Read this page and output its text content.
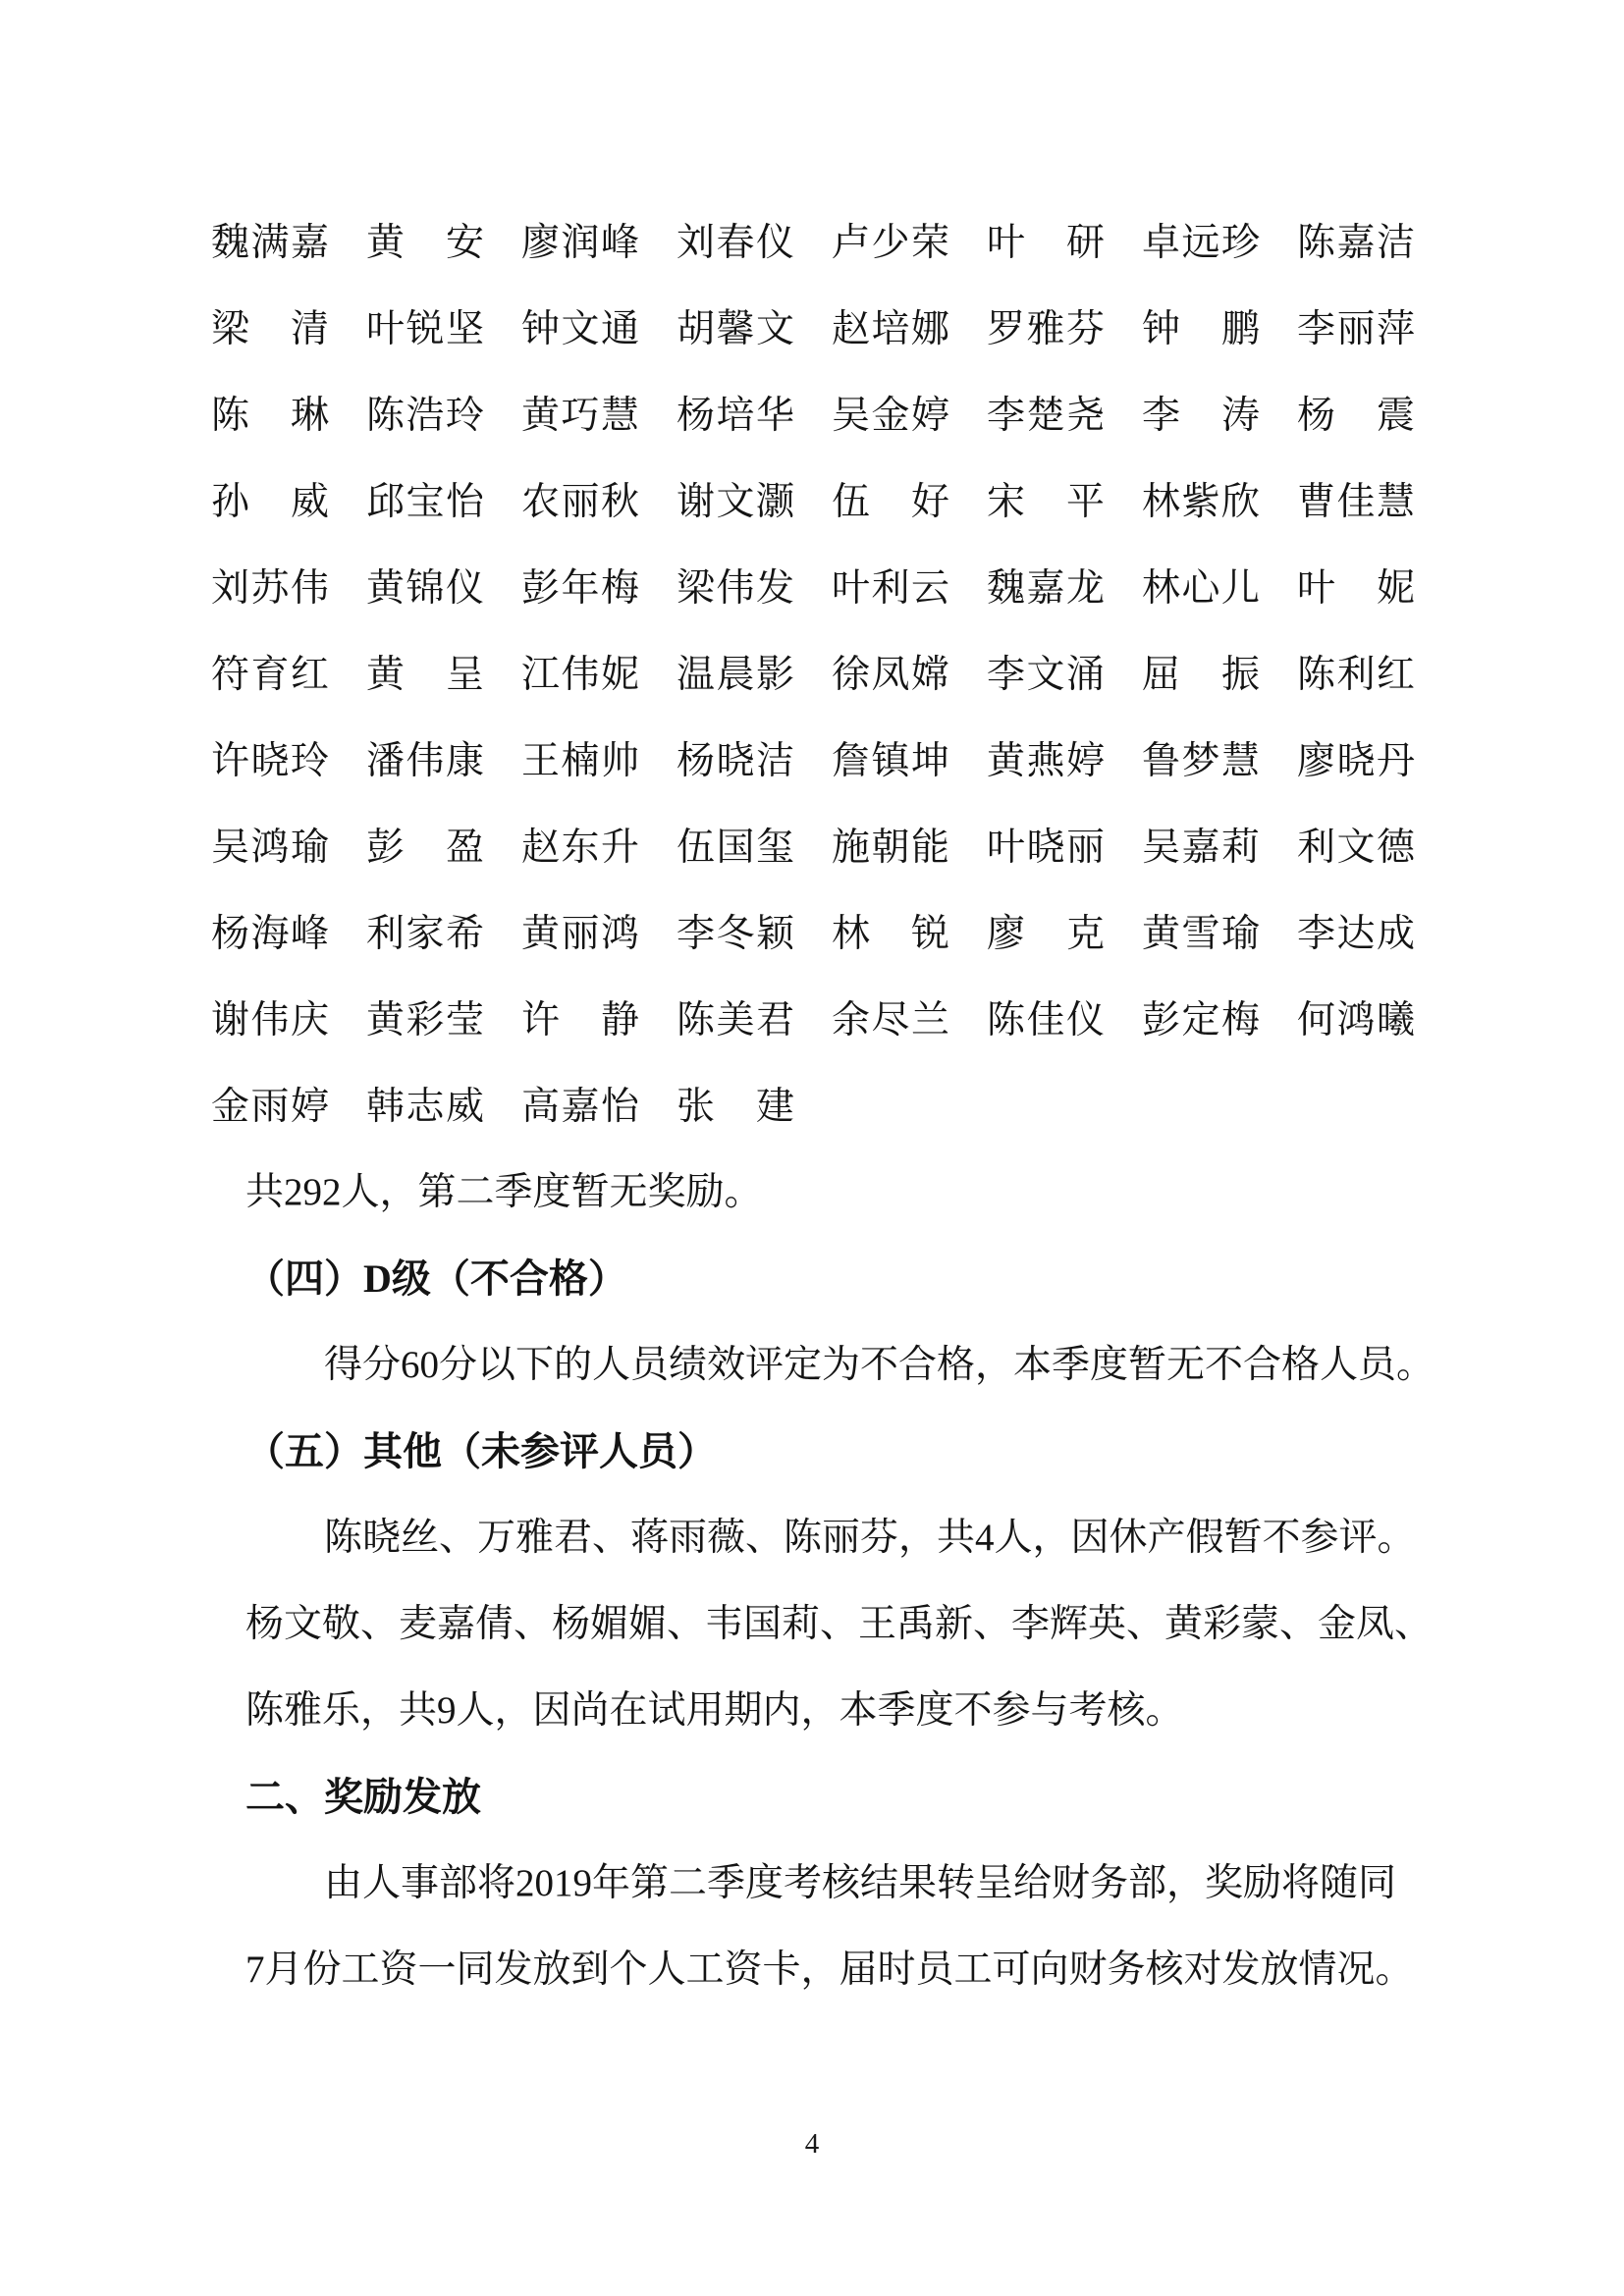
魏 满 嘉 黄 安 廖 润 峰 刘 春 仪 卢 少 荣 叶 研 卓 远 珍 陈 嘉 洁
梁 清 叶 锐 坚 钟 文 通 胡 馨 文 赵 培 娜 罗 雅 芬 钟 鹏 李 丽 萍
陈 琳 陈 浩 玲 黄 巧 慧 杨 培 华 吴 金 婷 李 楚 尧 李 涛 杨 震
孙 威 邱 宝 怡 农 丽 秋 谢 文 灏 伍 好 宋 平 林 紫 欣 曹 佳 慧
刘 苏 伟 黄 锦 仪 彭 年 梅 梁 伟 发 叶 利 云 魏 嘉 龙 林 心 儿 叶 妮
符 育 红 黄 呈 江 伟 妮 温 晨 影 徐 凤 嫦 李 文 涌 屈 振 陈 利 红
许 晓 玲 潘 伟 康 王 楠 帅 杨 晓 洁 詹 镇 坤 黄 燕 婷 鲁 梦 慧 廖 晓 丹
吴 鸿 瑜 彭 盈 赵 东 升 伍 国 玺 施 朝 能 叶 晓 丽 吴 嘉 莉 利 文 德
杨 海 峰 利 家 希 黄 丽 鸿 李 冬 颖 林 锐 廖 克 黄 雪 瑜 李 达 成
谢 伟 庆 黄 彩 莹 许 静 陈 美 君 余 尽 兰 陈 佳 仪 彭 定 梅 何 鸿 曦
金 雨 婷 韩 志 威 高 嘉 怡 张 建
共292人，第二季度暂无奖励。
（四）D级（不合格）
得分60分以下的人员绩效评定为不合格，本季度暂无不合格人员。
（五）其他（未参评人员）
陈晓丝、万雅君、蒋雨薇、陈丽芬，共4人，因休产假暂不参评。
杨文敬、麦嘉倩、杨媚媚、韦国莉、王禹新、李辉英、黄彩蒙、金凤、
陈雅乐，共9人，因尚在试用期内，本季度不参与考核。
二、奖励发放
由人事部将2019年第二季度考核结果转呈给财务部，奖励将随同
7月份工资一同发放到个人工资卡，届时员工可向财务核对发放情况。
4
